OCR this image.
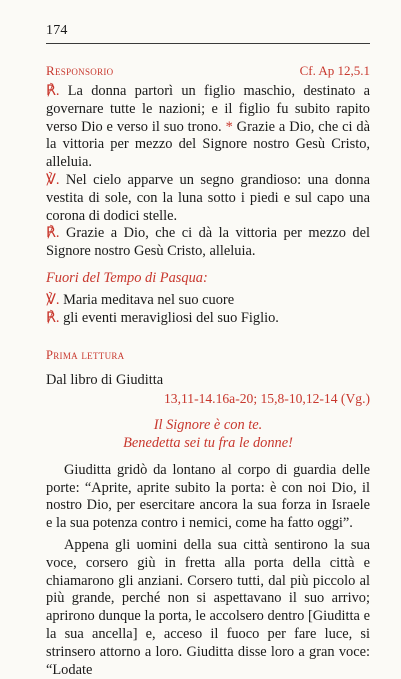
174
Responsorio	Cf. Ap 12,5.1

℟. La donna partorì un figlio maschio, destinato a governare tutte le nazioni; e il figlio fu subito rapito verso Dio e verso il suo trono. * Grazie a Dio, che ci dà la vittoria per mezzo del Signore nostro Gesù Cristo, alleluia.

℣. Nel cielo apparve un segno grandioso: una donna vestita di sole, con la luna sotto i piedi e sul capo una corona di dodici stelle.

℟. Grazie a Dio, che ci dà la vittoria per mezzo del Signore nostro Gesù Cristo, alleluia.

Fuori del Tempo di Pasqua:

℣. Maria meditava nel suo cuore

℟. gli eventi meravigliosi del suo Figlio.

Prima lettura
Dal libro di Giuditta
13,11-14.16a-20; 15,8-10,12-14 (Vg.)
Il Signore è con te.
Benedetta sei tu fra le donne!

Giuditta gridò da lontano al corpo di guardia delle porte: “Aprite, aprite subito la porta: è con noi Dio, il nostro Dio, per esercitare ancora la sua forza in Israele e la sua potenza contro i nemici, come ha fatto oggi”.

Appena gli uomini della sua città sentirono la sua voce, corsero giù in fretta alla porta della città e chiamarono gli anziani. Corsero tutti, dal più piccolo al più grande, perché non si aspettavano il suo arrivo; aprirono dunque la porta, le accolsero dentro [Giuditta e la sua ancella] e, acceso il fuoco per fare luce, si strinsero attorno a loro. Giuditta disse loro a gran voce: “Lodate
